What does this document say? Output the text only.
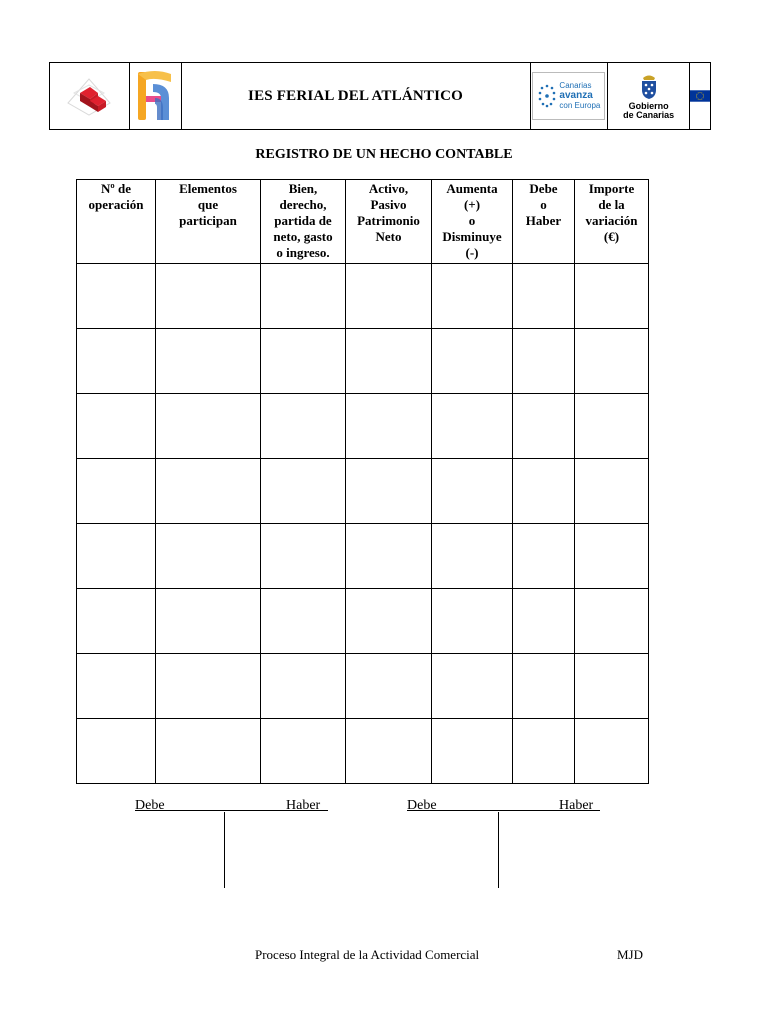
IES FERIAL DEL ATLÁNTICO
Canarias
avanza
con Europa	Gobierno
de Canarias
REGISTRO DE UN HECHO CONTABLE
Nº de
operación	Elementos
que
participan	Bien,
derecho,
partida de
neto, gasto
o ingreso.	Activo,
Pasivo
Patrimonio
Neto	Aumenta
(+)
o
Disminuye
(-)	Debe
o
Haber	Importe
de la
variación
(€)

Debe	Haber	Debe	Haber
Proceso Integral de la Actividad Comercial	MJD
